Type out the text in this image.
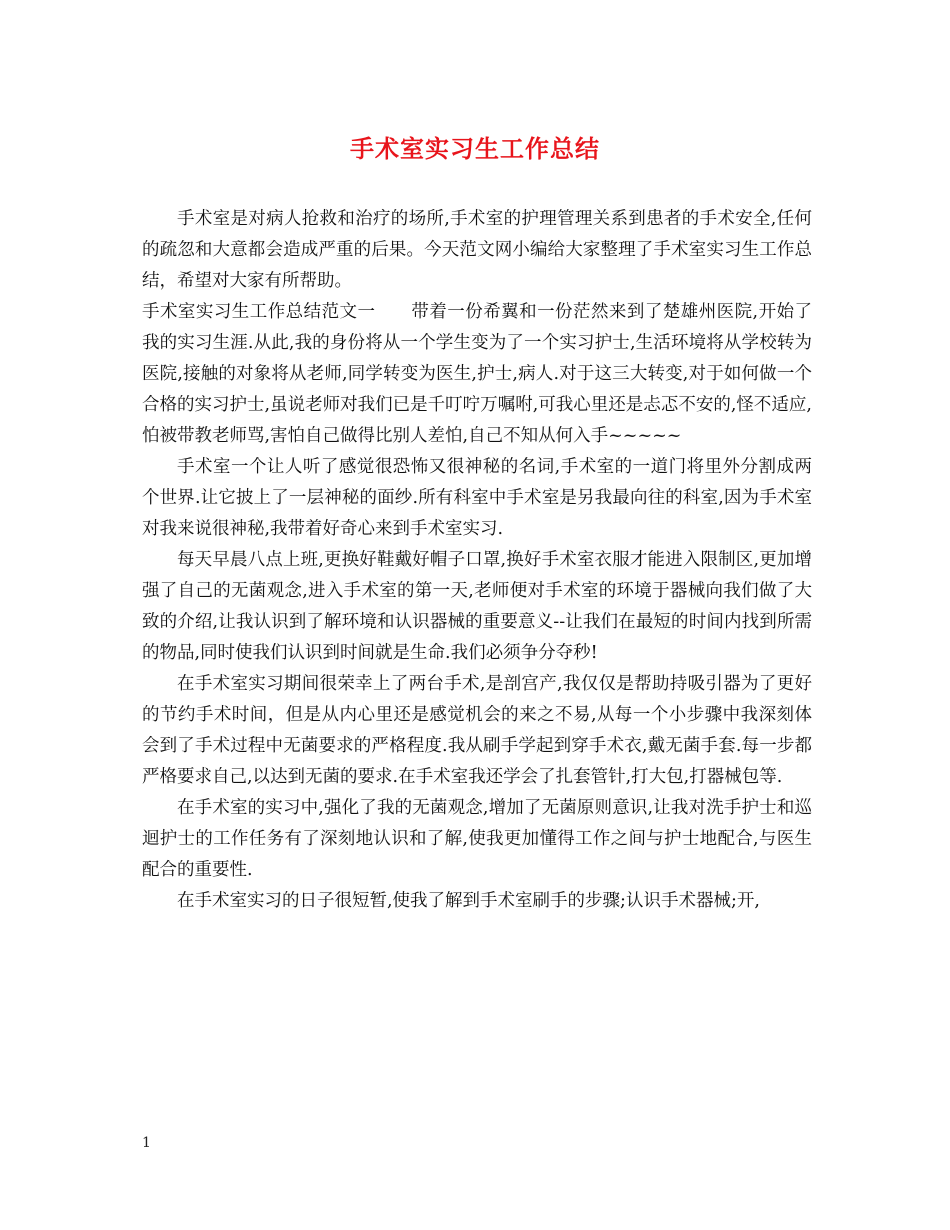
手术室实习生工作总结

手术室是对病人抢救和治疗的场所,手术室的护理管理关系到患者的手术安全,任何的疏忽和大意都会造成严重的后果。今天范文网小编给大家整理了手术室实习生工作总结，希望对大家有所帮助。

手术室实习生工作总结范文一　　带着一份希翼和一份茫然来到了楚雄州医院,开始了我的实习生涯.从此,我的身份将从一个学生变为了一个实习护士,生活环境将从学校转为医院,接触的对象将从老师,同学转变为医生,护士,病人.对于这三大转变,对于如何做一个合格的实习护士,虽说老师对我们已是千叮咛万嘱咐,可我心里还是忐忑不安的,怪不适应,怕被带教老师骂,害怕自己做得比别人差怕,自己不知从何入手~~~~~

手术室一个让人听了感觉很恐怖又很神秘的名词,手术室的一道门将里外分割成两个世界.让它披上了一层神秘的面纱.所有科室中手术室是另我最向往的科室,因为手术室对我来说很神秘,我带着好奇心来到手术室实习.

每天早晨八点上班,更换好鞋戴好帽子口罩,换好手术室衣服才能进入限制区,更加增强了自己的无菌观念,进入手术室的第一天,老师便对手术室的环境于器械向我们做了大致的介绍,让我认识到了解环境和认识器械的重要意义--让我们在最短的时间内找到所需的物品,同时使我们认识到时间就是生命.我们必须争分夺秒!

在手术室实习期间很荣幸上了两台手术,是剖宫产,我仅仅是帮助持吸引器为了更好的节约手术时间，但是从内心里还是感觉机会的来之不易,从每一个小步骤中我深刻体会到了手术过程中无菌要求的严格程度.我从刷手学起到穿手术衣,戴无菌手套.每一步都严格要求自己,以达到无菌的要求.在手术室我还学会了扎套管针,打大包,打器械包等.

在手术室的实习中,强化了我的无菌观念,增加了无菌原则意识,让我对洗手护士和巡迴护士的工作任务有了深刻地认识和了解,使我更加懂得工作之间与护士地配合,与医生配合的重要性.

在手术室实习的日子很短暂,使我了解到手术室刷手的步骤;认识手术器械;开,

1
